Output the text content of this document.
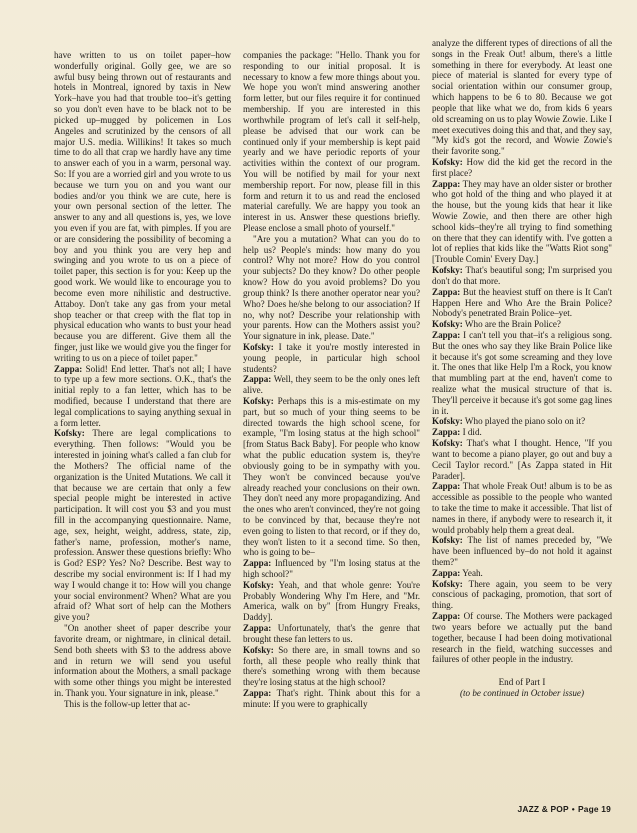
have written to us on toilet paper–how wonderfully original. Golly gee, we are so awful busy being thrown out of restaurants and hotels in Montreal, ignored by taxis in New York–have you had that trouble too–it's getting so you don't even have to be black not to be picked up–mugged by policemen in Los Angeles and scrutinized by the censors of all major U.S. media. Willikins! It takes so much time to do all that crap we hardly have any time to answer each of you in a warm, personal way. So: If you are a worried girl and you wrote to us because we turn you on and you want our bodies and/or you think we are cute, here is your own personal section of the letter. The answer to any and all questions is, yes, we love you even if you are fat, with pimples. If you are or are considering the possibility of becoming a boy and you think you are very hep and swinging and you wrote to us on a piece of toilet paper, this section is for you: Keep up the good work. We would like to encourage you to become even more nihilistic and destructive. Attaboy. Don't take any gas from your metal shop teacher or that creep with the flat top in physical education who wants to bust your head because you are different. Give them all the finger, just like we would give you the finger for writing to us on a piece of toilet paper."

Zappa: Solid! End letter. That's not all; I have to type up a few more sections. O.K., that's the initial reply to a fan letter, which has to be modified, because I understand that there are legal complications to saying anything sexual in a form letter.

Kofsky: There are legal complications to everything. Then follows: "Would you be interested in joining what's called a fan club for the Mothers? The official name of the organization is the United Mutations. We call it that because we are certain that only a few special people might be interested in active participation. It will cost you $3 and you must fill in the accompanying questionnaire. Name, age, sex, height, weight, address, state, zip, father's name, profession, mother's name, profession. Answer these questions briefly: Who is God? ESP? Yes? No? Describe. Best way to describe my social environment is: If I had my way I would change it to: How will you change your social environment? When? What are you afraid of? What sort of help can the Mothers give you?

"On another sheet of paper describe your favorite dream, or nightmare, in clinical detail. Send both sheets with $3 to the address above and in return we will send you useful information about the Mothers, a small package with some other things you might be interested in. Thank you. Your signature in ink, please."

This is the follow-up letter that ac-

companies the package: "Hello. Thank you for responding to our initial proposal. It is necessary to know a few more things about you. We hope you won't mind answering another form letter, but our files require it for continued membership. If you are interested in this worthwhile program of let's call it self-help, please be advised that our work can be continued only if your membership is kept paid yearly and we have periodic reports of your activities within the context of our program. You will be notified by mail for your next membership report. For now, please fill in this form and return it to us and read the enclosed material carefully. We are happy you took an interest in us. Answer these questions briefly. Please enclose a small photo of yourself."

"Are you a mutation? What can you do to help us? People's minds: how many do you control? Why not more? How do you control your subjects? Do they know? Do other people know? How do you avoid problems? Do you group think? Is there another operator near you? Who? Does he/she belong to our association? If no, why not? Describe your relationship with your parents. How can the Mothers assist you? Your signature in ink, please. Date."

Kofsky: I take it you're mostly interested in young people, in particular high school students?

Zappa: Well, they seem to be the only ones left alive.

Kofsky: Perhaps this is a mis-estimate on my part, but so much of your thing seems to be directed towards the high school scene, for example, "I'm losing status at the high school" [from Status Back Baby]. For people who know what the public education system is, they're obviously going to be in sympathy with you. They won't be convinced because you've already reached your conclusions on their own. They don't need any more propagandizing. And the ones who aren't convinced, they're not going to be convinced by that, because they're not even going to listen to that record, or if they do, they won't listen to it a second time. So then, who is going to be–

Zappa: Influenced by "I'm losing status at the high school?"

Kofsky: Yeah, and that whole genre: You're Probably Wondering Why I'm Here, and "Mr. America, walk on by" [from Hungry Freaks, Daddy].

Zappa: Unfortunately, that's the genre that brought these fan letters to us.

Kofsky: So there are, in small towns and so forth, all these people who really think that there's something wrong with them because they're losing status at the high school?

Zappa: That's right. Think about this for a minute: If you were to graphically

analyze the different types of directions of all the songs in the Freak Out! album, there's a little something in there for everybody. At least one piece of material is slanted for every type of social orientation within our consumer group, which happens to be 6 to 80. Because we got people that like what we do, from kids 6 years old screaming on us to play Wowie Zowie. Like I meet executives doing this and that, and they say, "My kid's got the record, and Wowie Zowie's their favorite song."

Kofsky: How did the kid get the record in the first place?

Zappa: They may have an older sister or brother who got hold of the thing and who played it at the house, but the young kids that hear it like Wowie Zowie, and then there are other high school kids–they're all trying to find something on there that they can identify with. I've gotten a lot of replies that kids like the "Watts Riot song" [Trouble Comin' Every Day.]

Kofsky: That's beautiful song; I'm surprised you don't do that more.

Zappa: But the heaviest stuff on there is It Can't Happen Here and Who Are the Brain Police? Nobody's penetrated Brain Police–yet.

Kofsky: Who are the Brain Police?

Zappa: I can't tell you that–it's a religious song. But the ones who say they like Brain Police like it because it's got some screaming and they love it. The ones that like Help I'm a Rock, you know that mumbling part at the end, haven't come to realize what the musical structure of that is. They'll perceive it because it's got some gag lines in it.

Kofsky: Who played the piano solo on it?

Zappa: I did.

Kofsky: That's what I thought. Hence, "If you want to become a piano player, go out and buy a Cecil Taylor record." [As Zappa stated in Hit Parader].

Zappa: That whole Freak Out! album is to be as accessible as possible to the people who wanted to take the time to make it accessible. That list of names in there, if anybody were to research it, it would probably help them a great deal.

Kofsky: The list of names preceded by, "We have been influenced by–do not hold it against them?"

Zappa: Yeah.

Kofsky: There again, you seem to be very conscious of packaging, promotion, that sort of thing.

Zappa: Of course. The Mothers were packaged two years before we actually put the band together, because I had been doing motivational research in the field, watching successes and failures of other people in the industry.

End of Part I
(to be continued in October issue)
JAZZ & POP • Page 19
